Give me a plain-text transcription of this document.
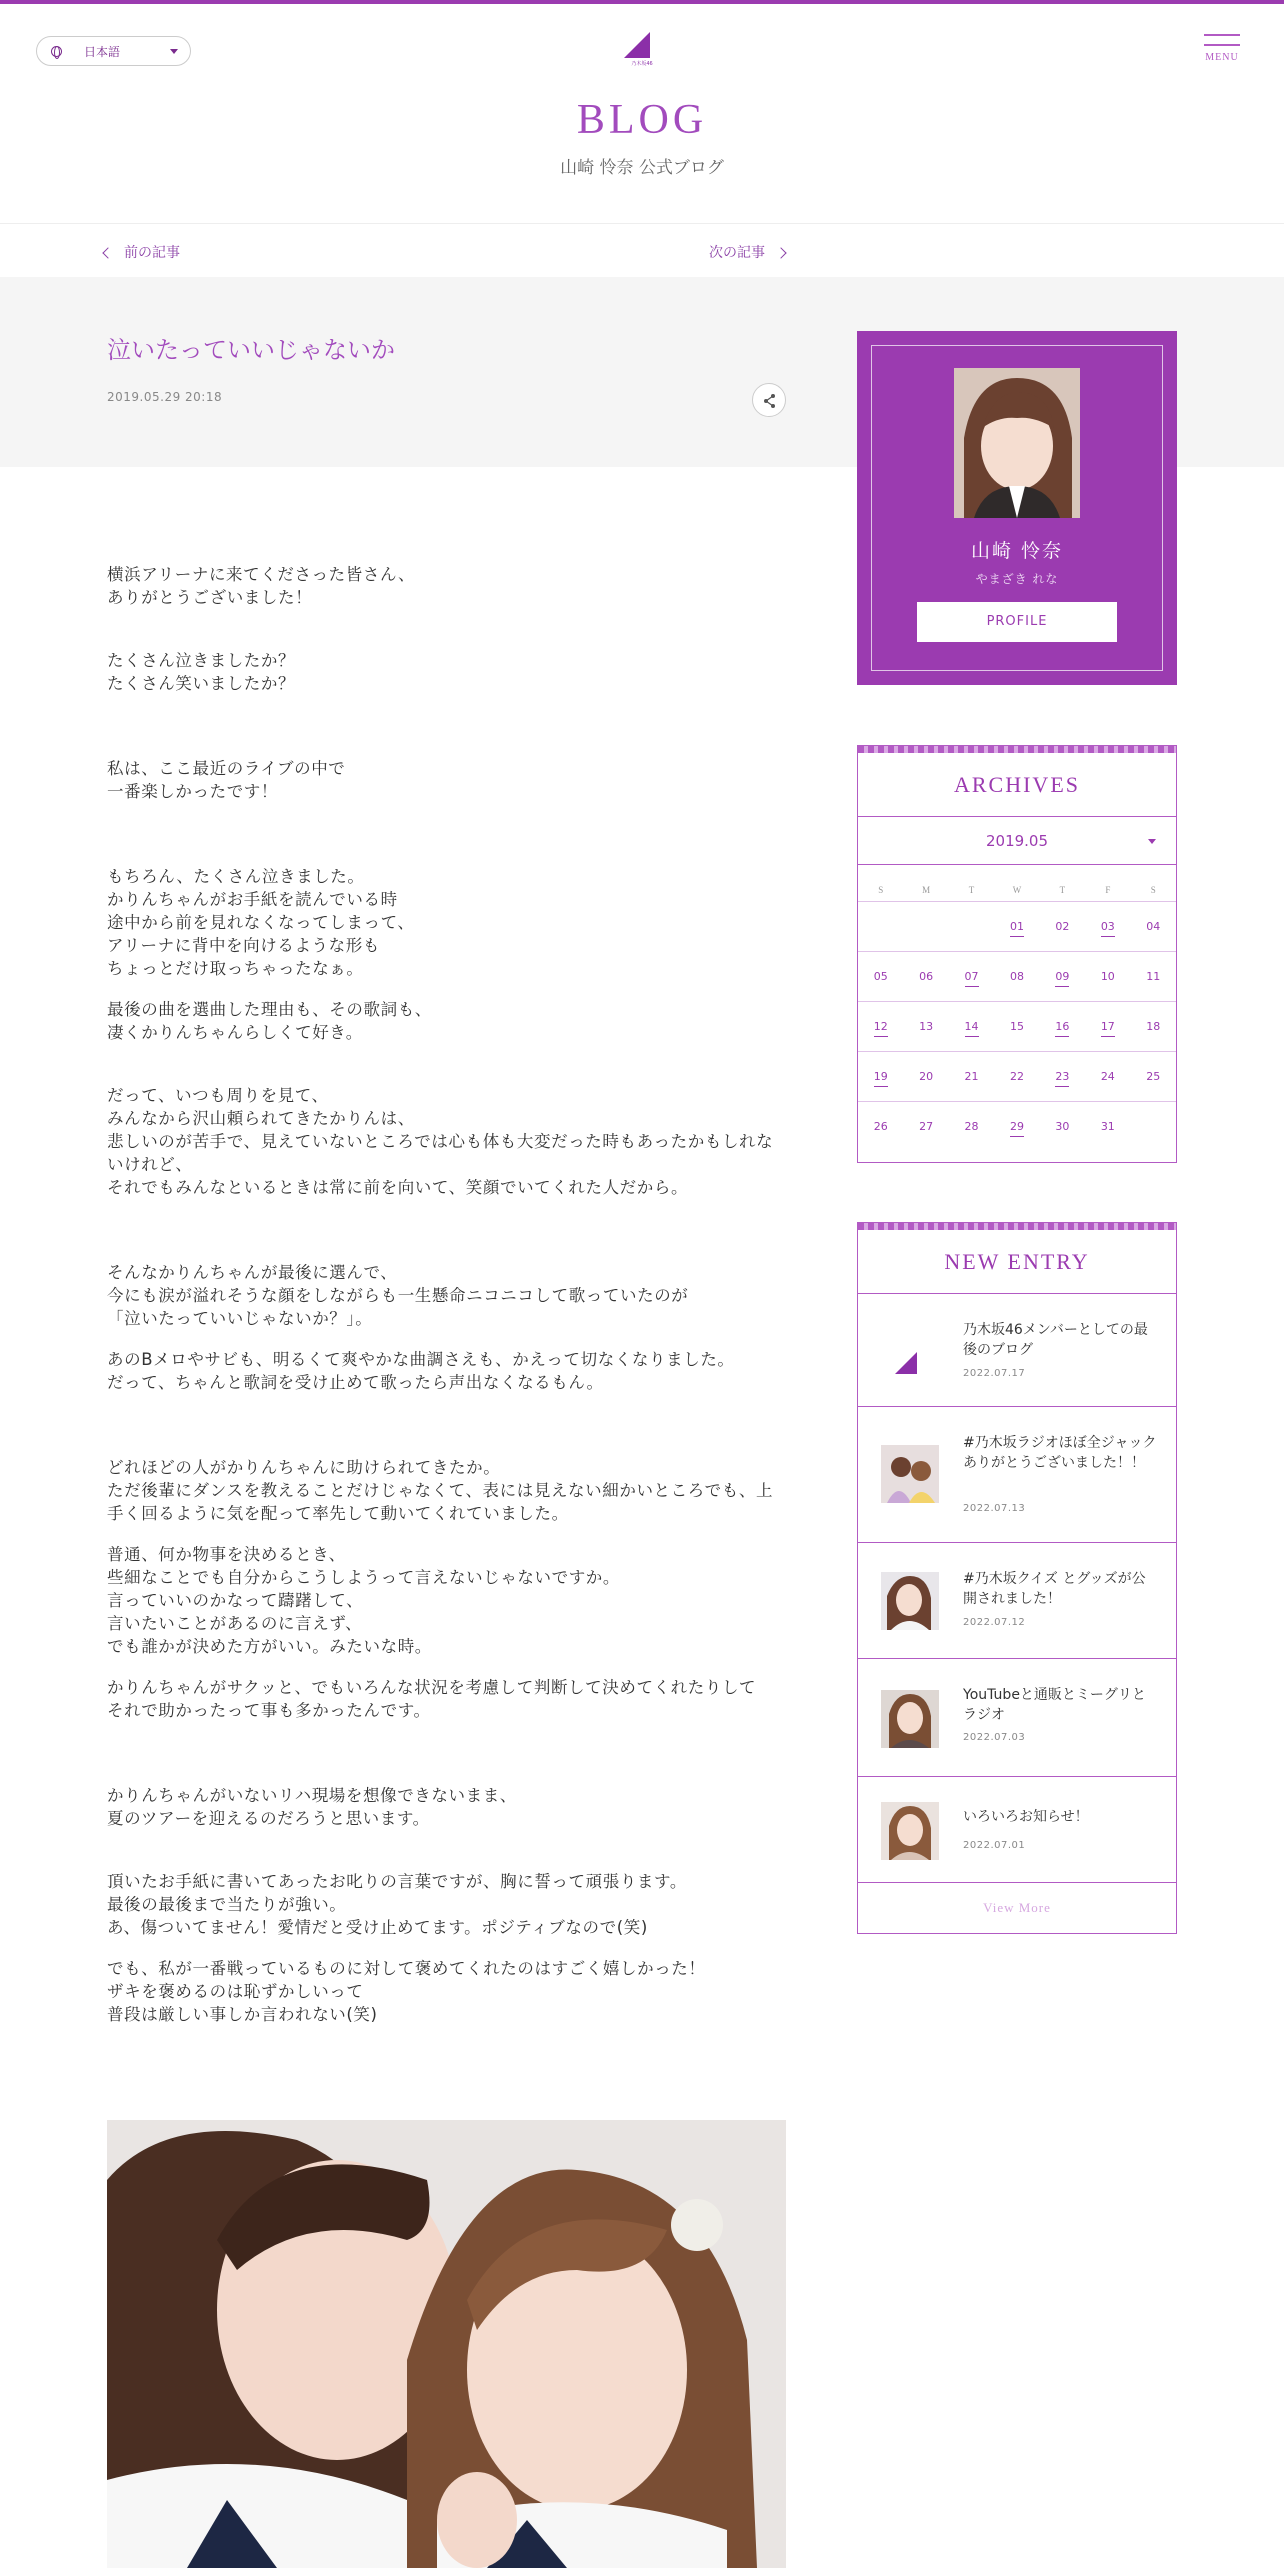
日本語
乃木坂46
MENU
BLOG
山崎 怜奈 公式ブログ
前の記事	次の記事
泣いたっていいじゃないか
2019.05.29 20:18

横浜アリーナに来てくださった皆さん、
ありがとうございました！

たくさん泣きましたか？
たくさん笑いましたか？

私は、ここ最近のライブの中で
一番楽しかったです！

もちろん、たくさん泣きました。
かりんちゃんがお手紙を読んでいる時
途中から前を見れなくなってしまって、
アリーナに背中を向けるような形も
ちょっとだけ取っちゃったなぁ。

最後の曲を選曲した理由も、その歌詞も、
凄くかりんちゃんらしくて好き。

だって、いつも周りを見て、
みんなから沢山頼られてきたかりんは、
悲しいのが苦手で、見えていないところでは心も体も大変だった時もあったかもしれないけれど、
それでもみんなといるときは常に前を向いて、笑顔でいてくれた人だから。

そんなかりんちゃんが最後に選んで、
今にも涙が溢れそうな顔をしながらも一生懸命ニコニコして歌っていたのが
「泣いたっていいじゃないか？」。

あのBメロやサビも、明るくて爽やかな曲調さえも、かえって切なくなりました。
だって、ちゃんと歌詞を受け止めて歌ったら声出なくなるもん。

どれほどの人がかりんちゃんに助けられてきたか。
ただ後輩にダンスを教えることだけじゃなくて、表には見えない細かいところでも、上手く回るように気を配って率先して動いてくれていました。

普通、何か物事を決めるとき、
些細なことでも自分からこうしようって言えないじゃないですか。
言っていいのかなって躊躇して、
言いたいことがあるのに言えず、
でも誰かが決めた方がいい。みたいな時。

かりんちゃんがサクッと、でもいろんな状況を考慮して判断して決めてくれたりして
それで助かったって事も多かったんです。

かりんちゃんがいないリハ現場を想像できないまま、
夏のツアーを迎えるのだろうと思います。

頂いたお手紙に書いてあったお叱りの言葉ですが、胸に誓って頑張ります。
最後の最後まで当たりが強い。
あ、傷ついてません！愛情だと受け止めてます。ポジティブなので(笑)

でも、私が一番戦っているものに対して褒めてくれたのはすごく嬉しかった！
ザキを褒めるのは恥ずかしいって
普段は厳しい事しか言われない(笑)

山崎 怜奈
やまざき れな
PROFILE
ARCHIVES
2019.05
S	M	T	W	T	F	S
			01	02	03	04
05	06	07	08	09	10	11
12	13	14	15	16	17	18
19	20	21	22	23	24	25
26	27	28	29	30	31	
NEW ENTRY
乃木坂46メンバーとしての最後のブログ
2022.07.17
#乃木坂ラジオほぼ全ジャック ありがとうございました！！
2022.07.13
#乃木坂クイズ とグッズが公開されました！
2022.07.12
YouTubeと通販とミーグリとラジオ
2022.07.03
いろいろお知らせ！
2022.07.01
View More
